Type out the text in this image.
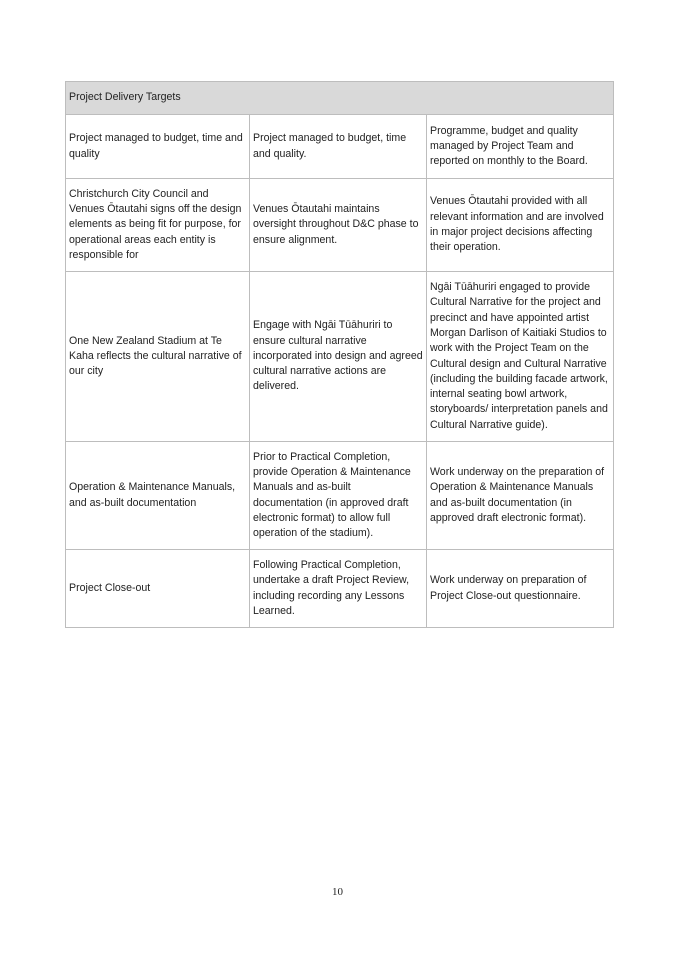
Project Delivery Targets		
Project managed to budget, time and quality	Project managed to budget, time and quality.	Programme, budget and quality managed by Project Team and reported on monthly to the Board.
Christchurch City Council and Venues Ōtautahi signs off the design elements as being fit for purpose, for operational areas each entity is responsible for	Venues Ōtautahi maintains oversight throughout D&C phase to ensure alignment.	Venues Ōtautahi provided with all relevant information and are involved in major project decisions affecting their operation.
One New Zealand Stadium at Te Kaha reflects the cultural narrative of our city	Engage with Ngāi Tūāhuriri to ensure cultural narrative incorporated into design and agreed cultural narrative actions are delivered.	Ngāi Tūāhuriri engaged to provide Cultural Narrative for the project and precinct and have appointed artist Morgan Darlison of Kaitiaki Studios to work with the Project Team on the Cultural design and Cultural Narrative (including the building facade artwork, internal seating bowl artwork, storyboards/ interpretation panels and Cultural Narrative guide).
Operation & Maintenance Manuals, and as-built documentation	Prior to Practical Completion, provide Operation & Maintenance Manuals and as-built documentation (in approved draft electronic format) to allow full operation of the stadium).	Work underway on the preparation of Operation & Maintenance Manuals and as-built documentation (in approved draft electronic format).
Project Close-out	Following Practical Completion, undertake a draft Project Review, including recording any Lessons Learned.	Work underway on preparation of Project Close-out questionnaire.
10
